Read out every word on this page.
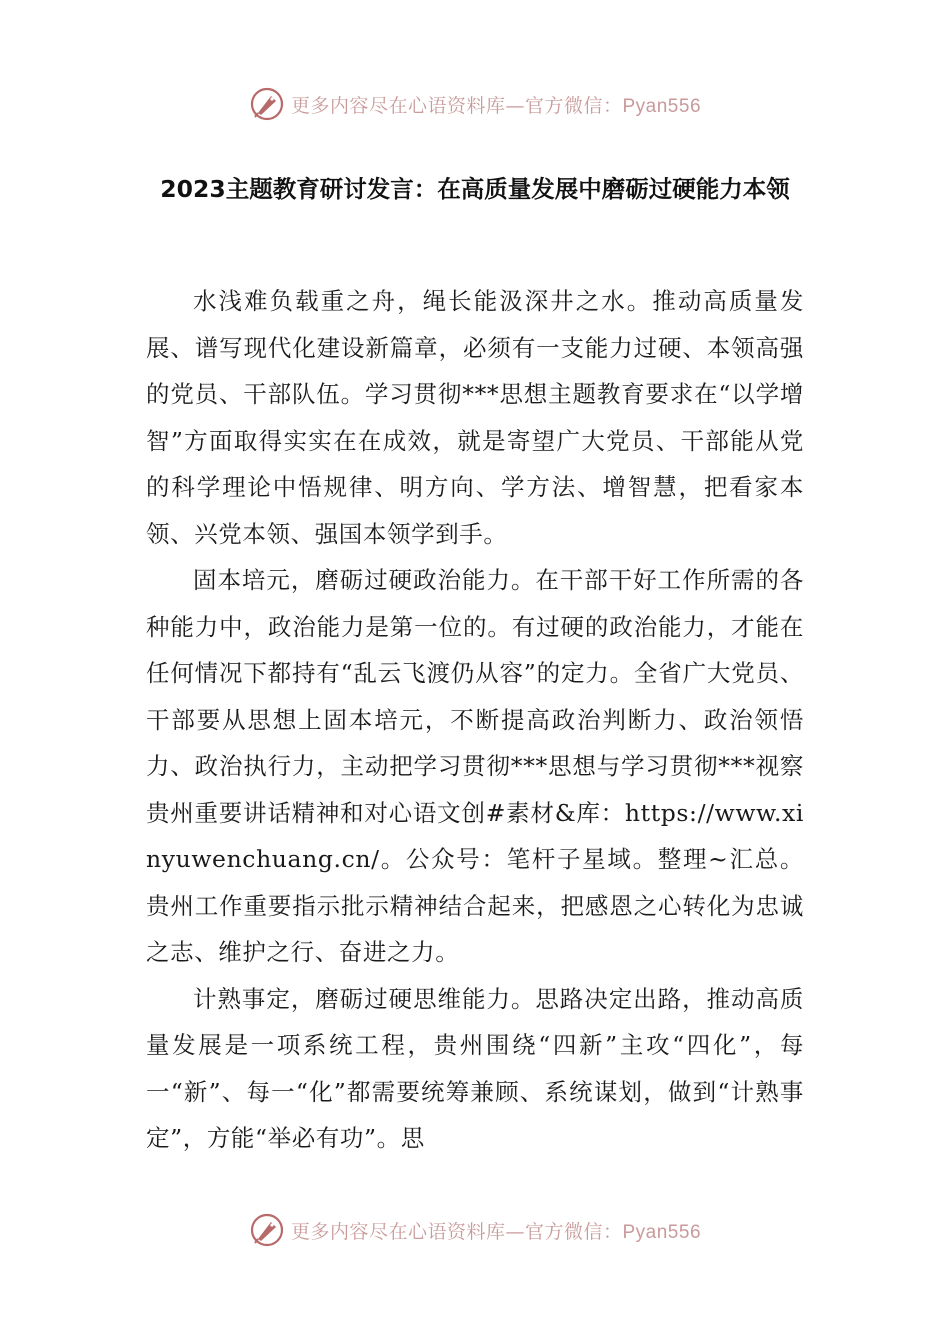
更多内容尽在心语资料库—官方微信：Pyan556
2023主题教育研讨发言：在高质量发展中磨砺过硬能力本领

水浅难负载重之舟，绳长能汲深井之水。推动高质量发展、谱写现代化建设新篇章，必须有一支能力过硬、本领高强的党员、干部队伍。学习贯彻***思想主题教育要求在“以学增智”方面取得实实在在成效，就是寄望广大党员、干部能从党的科学理论中悟规律、明方向、学方法、增智慧，把看家本领、兴党本领、强国本领学到手。

固本培元，磨砺过硬政治能力。在干部干好工作所需的各种能力中，政治能力是第一位的。有过硬的政治能力，才能在任何情况下都持有“乱云飞渡仍从容”的定力。全省广大党员、干部要从思想上固本培元，不断提高政治判断力、政治领悟力、政治执行力，主动把学习贯彻***思想与学习贯彻***视察贵州重要讲话精神和对心语文创#素材&库：https://www.xinyuwenchuang.cn/。公众号：笔杆子星域。整理~汇总。贵州工作重要指示批示精神结合起来，把感恩之心转化为忠诚之志、维护之行、奋进之力。

计熟事定，磨砺过硬思维能力。思路决定出路，推动高质量发展是一项系统工程，贵州围绕“四新”主攻“四化”，每一“新”、每一“化”都需要统筹兼顾、系统谋划，做到“计熟事定”，方能“举必有功”。思

更多内容尽在心语资料库—官方微信：Pyan556
